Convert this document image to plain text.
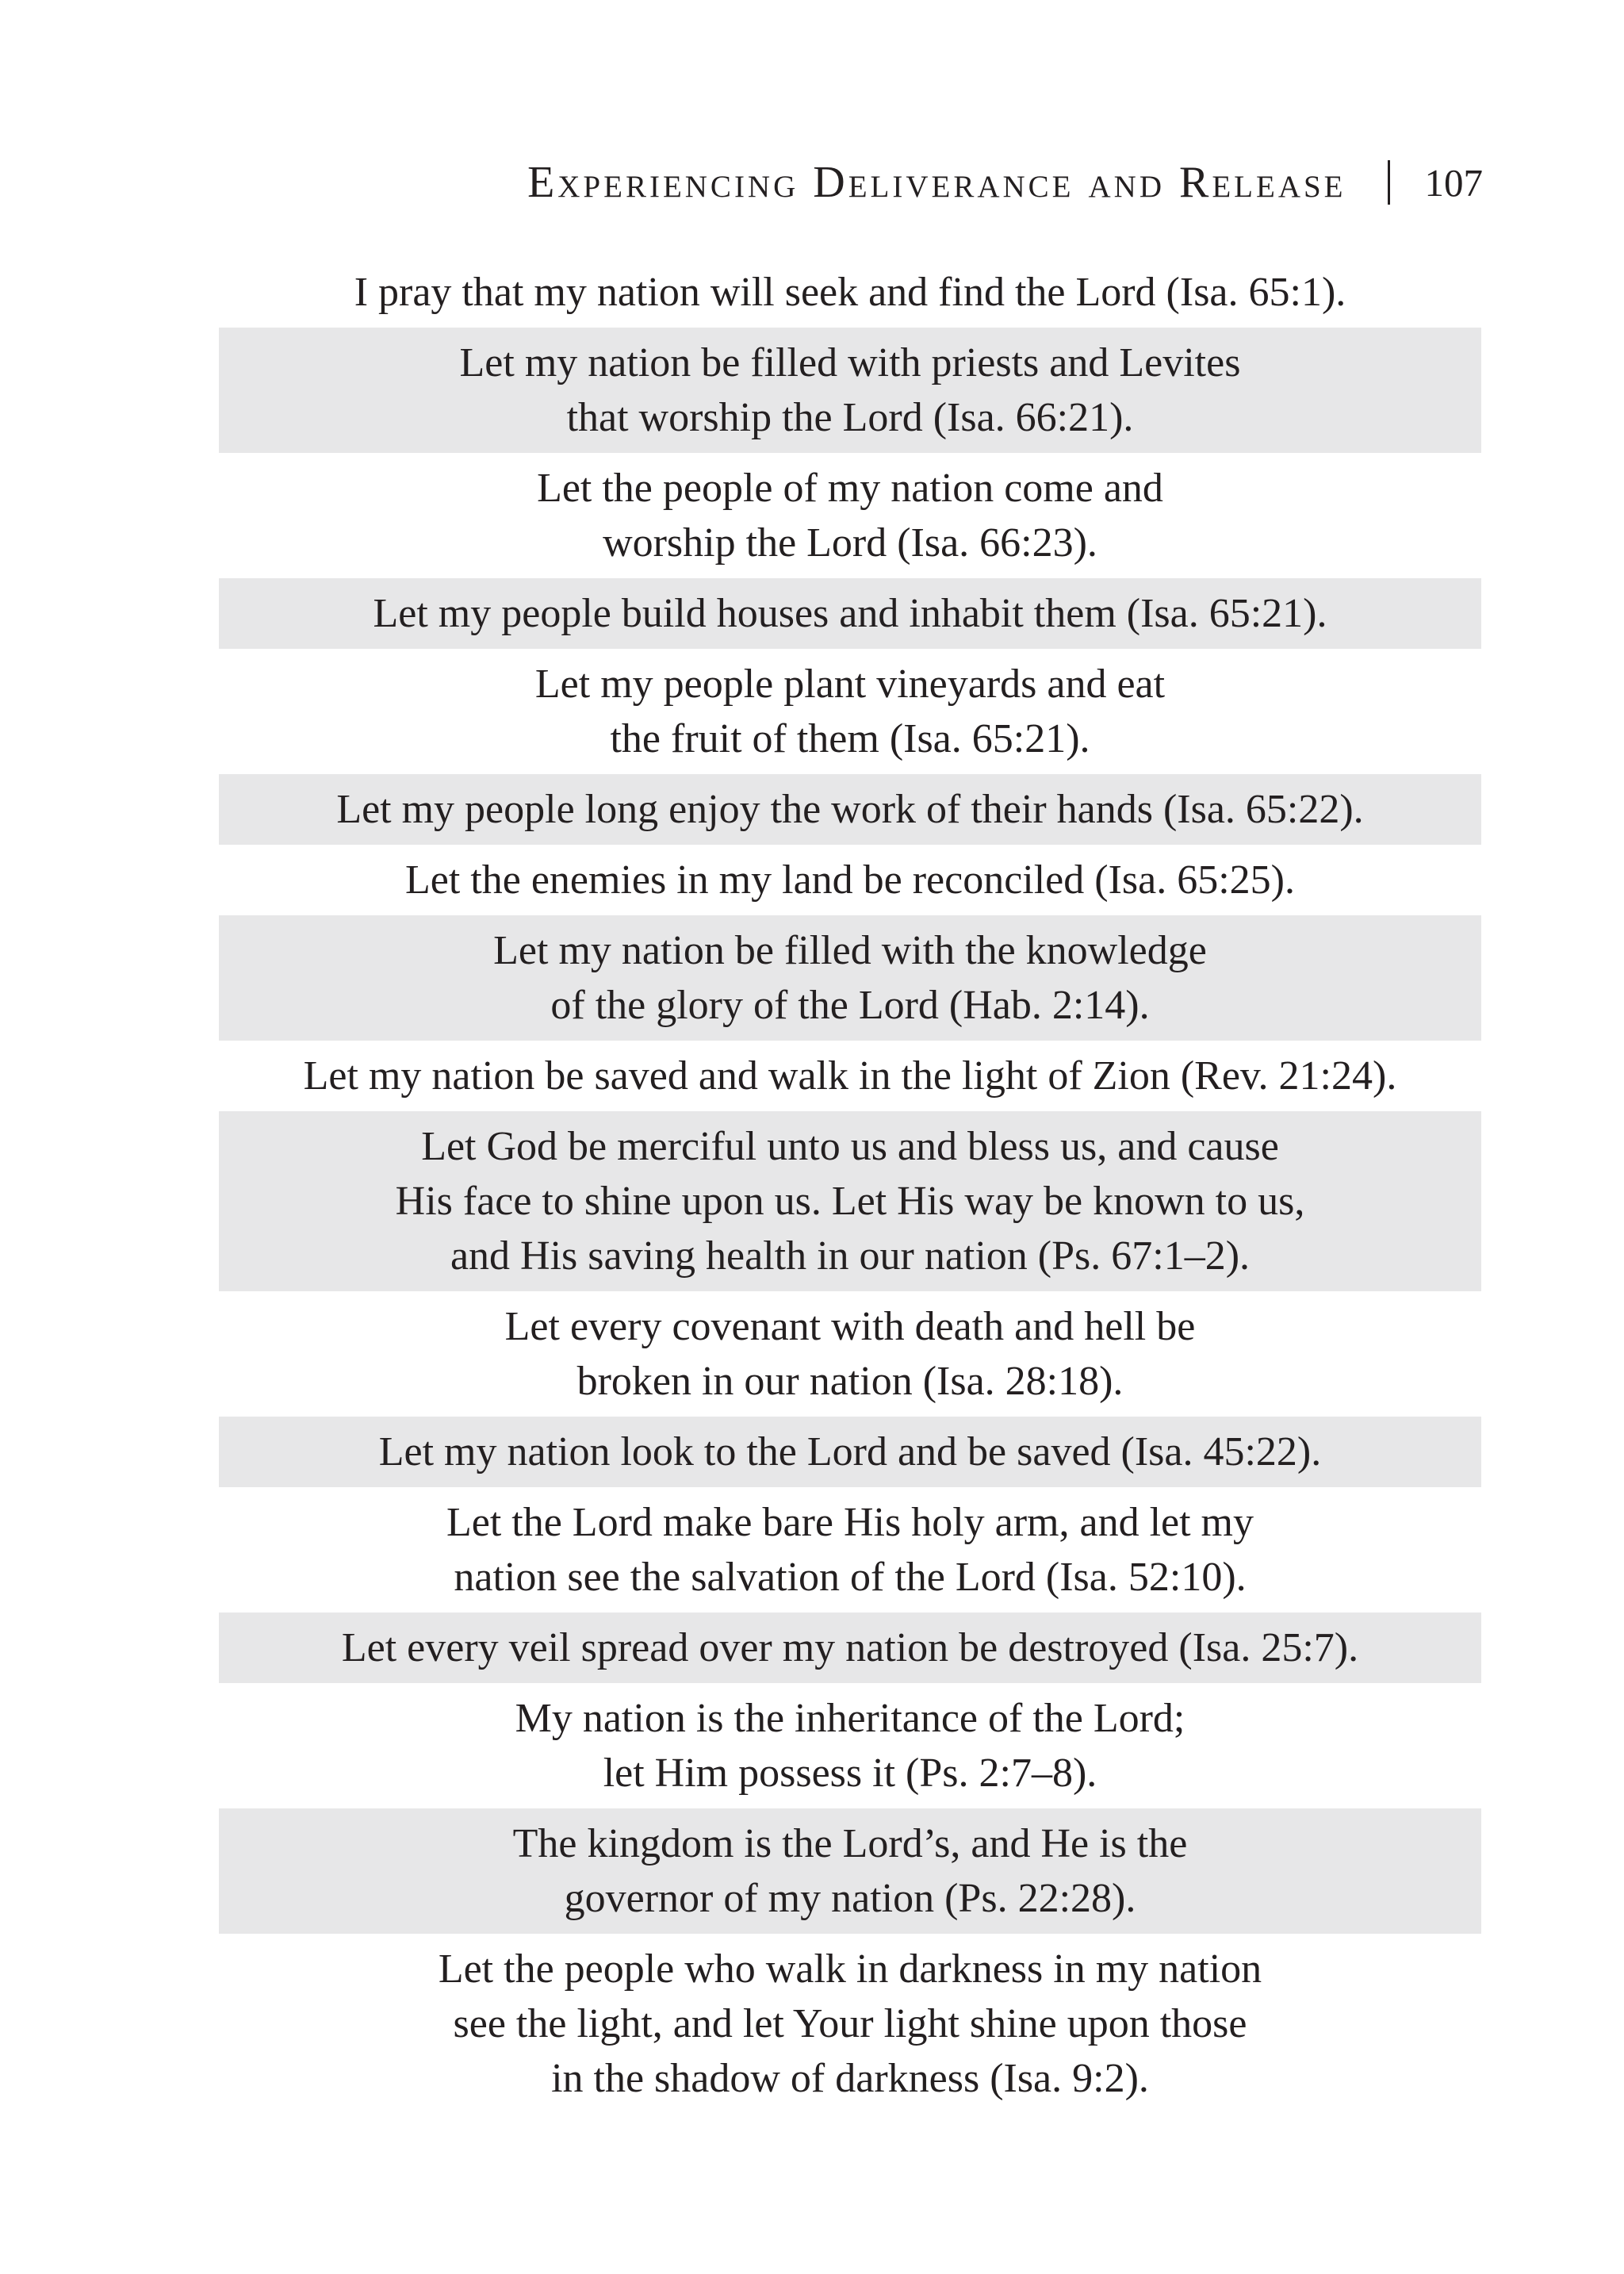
Experiencing Deliverance and Release 107
I pray that my nation will seek and find the Lord (Isa. 65:1).
Let my nation be filled with priests and Levites
that worship the Lord (Isa. 66:21).
Let the people of my nation come and
worship the Lord (Isa. 66:23).
Let my people build houses and inhabit them (Isa. 65:21).
Let my people plant vineyards and eat
the fruit of them (Isa. 65:21).
Let my people long enjoy the work of their hands (Isa. 65:22).
Let the enemies in my land be reconciled (Isa. 65:25).
Let my nation be filled with the knowledge
of the glory of the Lord (Hab. 2:14).
Let my nation be saved and walk in the light of Zion (Rev. 21:24).
Let God be merciful unto us and bless us, and cause
His face to shine upon us. Let His way be known to us,
and His saving health in our nation (Ps. 67:1–2).
Let every covenant with death and hell be
broken in our nation (Isa. 28:18).
Let my nation look to the Lord and be saved (Isa. 45:22).
Let the Lord make bare His holy arm, and let my
nation see the salvation of the Lord (Isa. 52:10).
Let every veil spread over my nation be destroyed (Isa. 25:7).
My nation is the inheritance of the Lord;
let Him possess it (Ps. 2:7–8).
The kingdom is the Lord’s, and He is the
governor of my nation (Ps. 22:28).
Let the people who walk in darkness in my nation
see the light, and let Your light shine upon those
in the shadow of darkness (Isa. 9:2).
